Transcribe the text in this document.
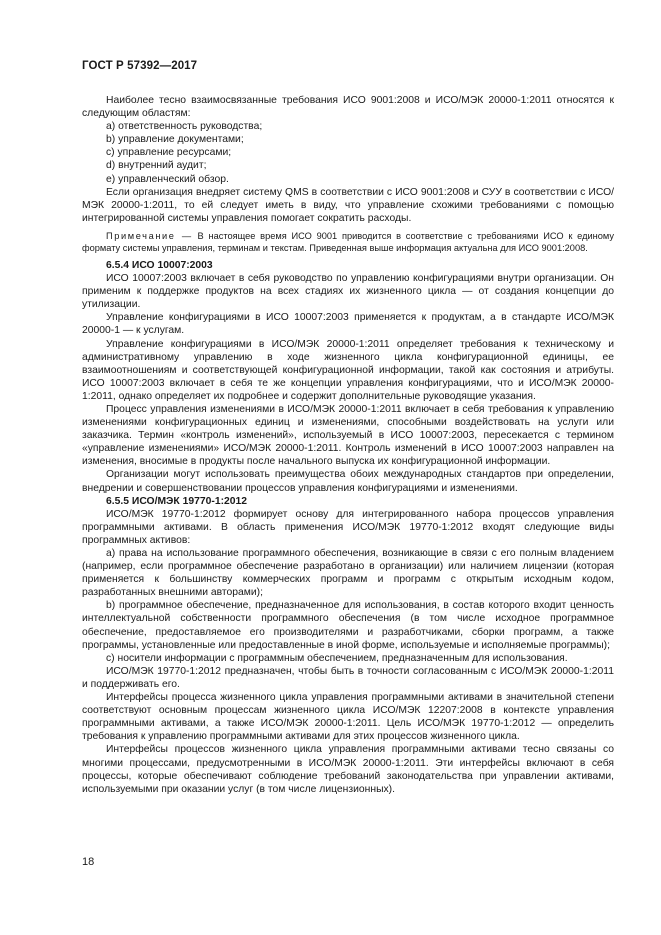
ГОСТ Р 57392—2017

Наиболее тесно взаимосвязанные требования ИСО 9001:2008 и ИСО/МЭК 20000-1:2011 относятся к следующим областям:

a) ответственность руководства;

b) управление документами;

c) управление ресурсами;

d) внутренний аудит;

e) управленческий обзор.

Если организация внедряет систему QMS в соответствии с ИСО 9001:2008 и СУУ в соответствии с ИСО/МЭК 20000-1:2011, то ей следует иметь в виду, что управление схожими требованиями с помощью интегрированной системы управления помогает сократить расходы.

Примечание — В настоящее время ИСО 9001 приводится в соответствие с требованиями ИСО к единому формату системы управления, терминам и текстам. Приведенная выше информация актуальна для ИСО 9001:2008.

6.5.4 ИСО 10007:2003

ИСО 10007:2003 включает в себя руководство по управлению конфигурациями внутри организации. Он применим к поддержке продуктов на всех стадиях их жизненного цикла — от создания концепции до утилизации.

Управление конфигурациями в ИСО 10007:2003 применяется к продуктам, а в стандарте ИСО/МЭК 20000-1 — к услугам.

Управление конфигурациями в ИСО/МЭК 20000-1:2011 определяет требования к техническому и административному управлению в ходе жизненного цикла конфигурационной единицы, ее взаимоотношениям и соответствующей конфигурационной информации, такой как состояния и атрибуты. ИСО 10007:2003 включает в себя те же концепции управления конфигурациями, что и ИСО/МЭК 20000-1:2011, однако определяет их подробнее и содержит дополнительные руководящие указания.

Процесс управления изменениями в ИСО/МЭК 20000-1:2011 включает в себя требования к управлению изменениями конфигурационных единиц и изменениями, способными воздействовать на услуги или заказчика. Термин «контроль изменений», используемый в ИСО 10007:2003, пересекается с термином «управление изменениями» ИСО/МЭК 20000-1:2011. Контроль изменений в ИСО 10007:2003 направлен на изменения, вносимые в продукты после начального выпуска их конфигурационной информации.

Организации могут использовать преимущества обоих международных стандартов при определении, внедрении и совершенствовании процессов управления конфигурациями и изменениями.

6.5.5 ИСО/МЭК 19770-1:2012

ИСО/МЭК 19770-1:2012 формирует основу для интегрированного набора процессов управления программными активами. В область применения ИСО/МЭК 19770-1:2012 входят следующие виды программных активов:

a) права на использование программного обеспечения, возникающие в связи с его полным владением (например, если программное обеспечение разработано в организации) или наличием лицензии (которая применяется к большинству коммерческих программ и программ с открытым исходным кодом, разработанных внешними авторами);

b) программное обеспечение, предназначенное для использования, в состав которого входит ценность интеллектуальной собственности программного обеспечения (в том числе исходное программное обеспечение, предоставляемое его производителями и разработчиками, сборки программ, а также программы, установленные или предоставленные в иной форме, используемые и исполняемые программы);

c) носители информации с программным обеспечением, предназначенным для использования.

ИСО/МЭК 19770-1:2012 предназначен, чтобы быть в точности согласованным с ИСО/МЭК 20000-1:2011 и поддерживать его.

Интерфейсы процесса жизненного цикла управления программными активами в значительной степени соответствуют основным процессам жизненного цикла ИСО/МЭК 12207:2008 в контексте управления программными активами, а также ИСО/МЭК 20000-1:2011. Цель ИСО/МЭК 19770-1:2012 — определить требования к управлению программными активами для этих процессов жизненного цикла.

Интерфейсы процессов жизненного цикла управления программными активами тесно связаны со многими процессами, предусмотренными в ИСО/МЭК 20000-1:2011. Эти интерфейсы включают в себя процессы, которые обеспечивают соблюдение требований законодательства при управлении активами, используемыми при оказании услуг (в том числе лицензионных).

18
